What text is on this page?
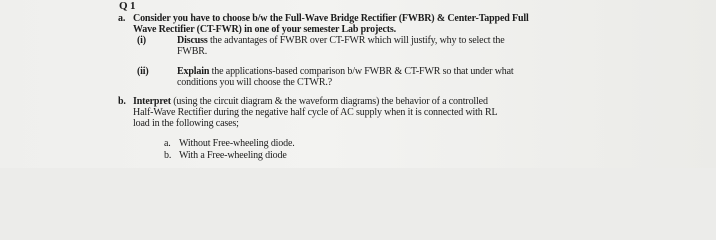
Q 1
a. Consider you have to choose b/w the Full-Wave Bridge Rectifier (FWBR) & Center-Tapped Full
Wave Rectifier (CT-FWR) in one of your semester Lab projects.
(i)	Discuss the advantages of FWBR over CT-FWR which will justify, why to select the
FWBR.
(ii)	Explain the applications-based comparison b/w FWBR & CT-FWR so that under what
conditions you will choose the CTWR.?
b. Interpret (using the circuit diagram & the waveform diagrams) the behavior of a controlled
Half-Wave Rectifier during the negative half cycle of AC supply when it is connected with RL
load in the following cases;
a. Without Free-wheeling diode.
b. With a Free-wheeling diode
